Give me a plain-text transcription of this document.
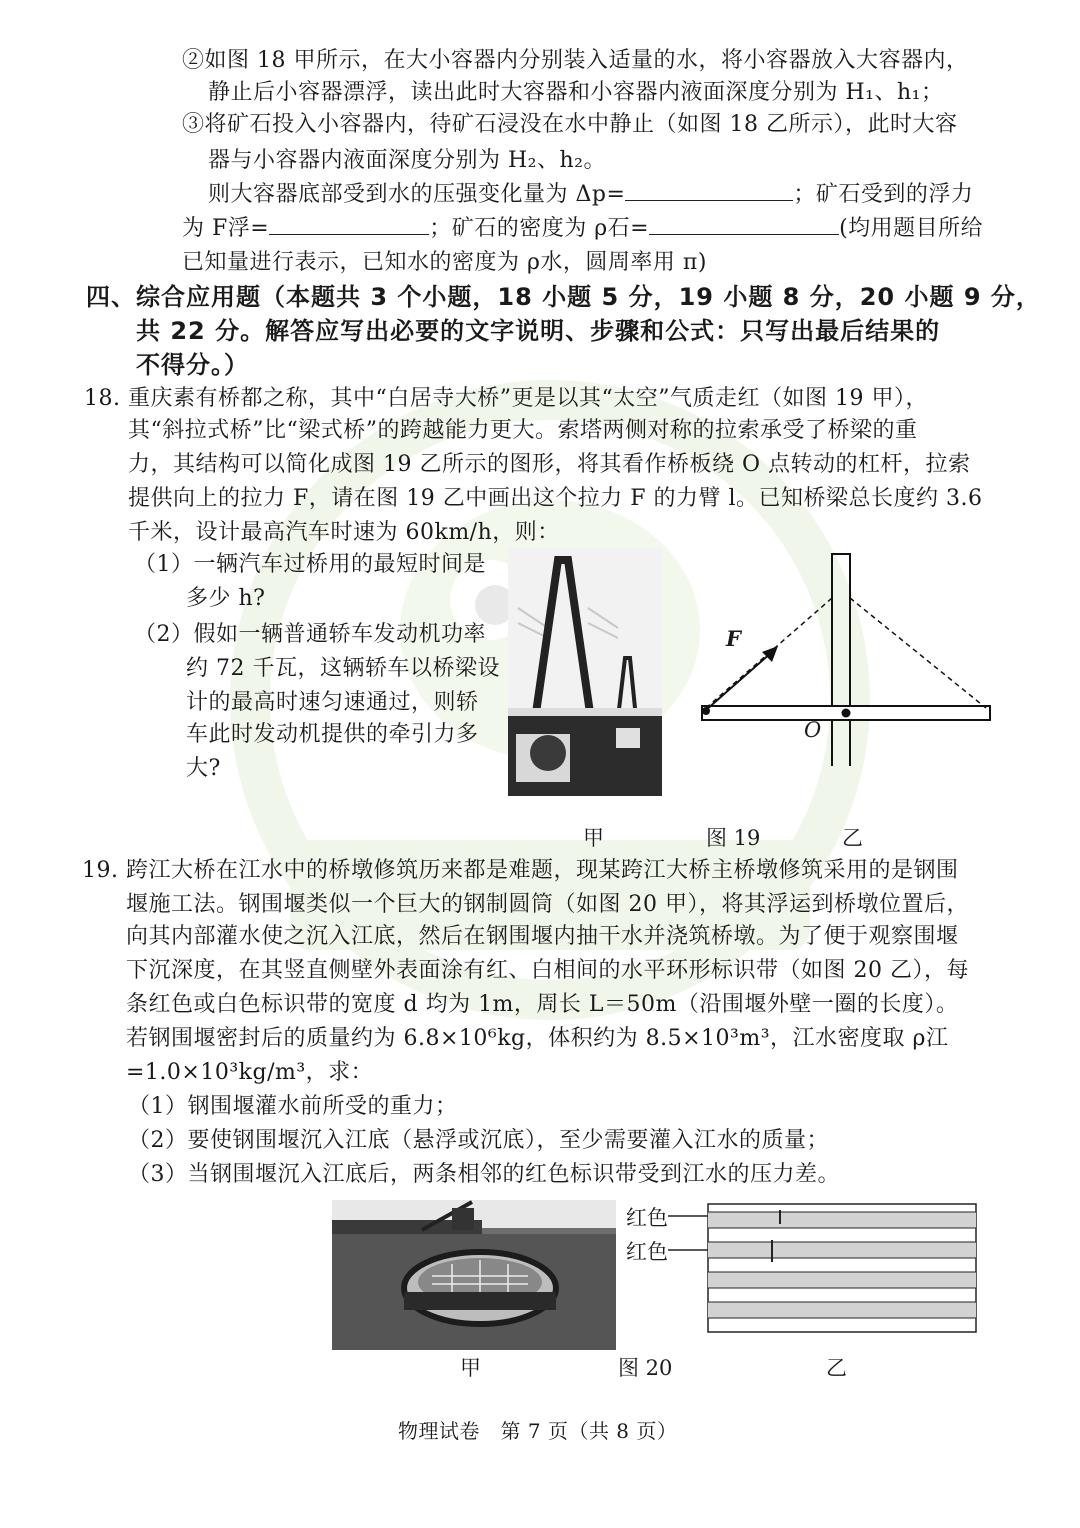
②如图 18 甲所示，在大小容器内分别装入适量的水，将小容器放入大容器内，
静止后小容器漂浮，读出此时大容器和小容器内液面深度分别为 H₁、h₁；
③将矿石投入小容器内，待矿石浸没在水中静止（如图 18 乙所示），此时大容
器与小容器内液面深度分别为 H₂、h₂。
则大容器底部受到水的压强变化量为 Δp=	；矿石受到的浮力
为 F浮=	；矿石的密度为 ρ石=	(均用题目所给
已知量进行表示，已知水的密度为 ρ水，圆周率用 π)
四、综合应用题（本题共 3 个小题，18 小题 5 分，19 小题 8 分，20 小题 9 分，
共 22 分。解答应写出必要的文字说明、步骤和公式：只写出最后结果的
不得分。）
18. 重庆素有桥都之称，其中“白居寺大桥”更是以其“太空”气质走红（如图 19 甲），
其“斜拉式桥”比“梁式桥”的跨越能力更大。索塔两侧对称的拉索承受了桥梁的重
力，其结构可以简化成图 19 乙所示的图形，将其看作桥板绕 O 点转动的杠杆，拉索
提供向上的拉力 F，请在图 19 乙中画出这个拉力 F 的力臂 l。已知桥梁总长度约 3.6
千米，设计最高汽车时速为 60km/h，则：
（1）一辆汽车过桥用的最短时间是
多少 h?
（2）假如一辆普通轿车发动机功率
约 72 千瓦，这辆轿车以桥梁设
计的最高时速匀速通过，则轿
车此时发动机提供的牵引力多
大?
F
O
甲	图 19	乙
19. 跨江大桥在江水中的桥墩修筑历来都是难题，现某跨江大桥主桥墩修筑采用的是钢围
堰施工法。钢围堰类似一个巨大的钢制圆筒（如图 20 甲），将其浮运到桥墩位置后，
向其内部灌水使之沉入江底，然后在钢围堰内抽干水并浇筑桥墩。为了便于观察围堰
下沉深度，在其竖直侧壁外表面涂有红、白相间的水平环形标识带（如图 20 乙），每
条红色或白色标识带的宽度 d 均为 1m，周长 L＝50m（沿围堰外壁一圈的长度）。
若钢围堰密封后的质量约为 6.8×10⁶kg，体积约为 8.5×10³m³，江水密度取 ρ江
=1.0×10³kg/m³，求：
（1）钢围堰灌水前所受的重力；
（2）要使钢围堰沉入江底（悬浮或沉底），至少需要灌入江水的质量；
（3）当钢围堰沉入江底后，两条相邻的红色标识带受到江水的压力差。
红色
红色
甲	图 20	乙
物理试卷　第 7 页（共 8 页）
